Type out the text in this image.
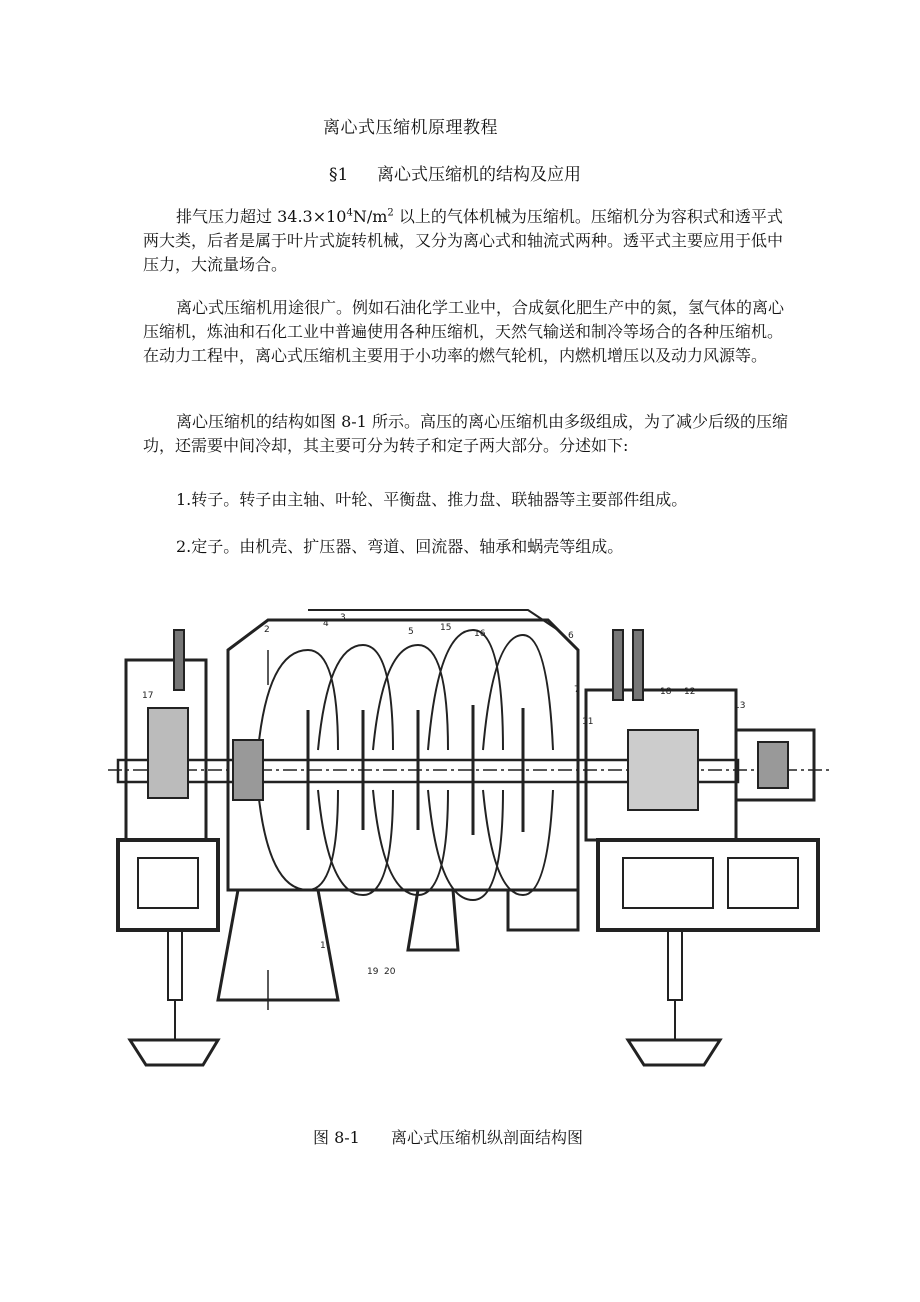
离心式压缩机原理教程
§1 离心式压缩机的结构及应用

排气压力超过 $34.3\times 10^4N/m^2$ 以上的气体机械为压缩机。压缩机分为容积式和透平式两大类，后者是属于叶片式旋转机械，又分为离心式和轴流式两种。透平式主要应用于低中压力，大流量场合。

离心式压缩机用途很广。例如石油化学工业中，合成氨化肥生产中的氮，氢气体的离心压缩机，炼油和石化工业中普遍使用各种压缩机，天然气输送和制冷等场合的各种压缩机。在动力工程中，离心式压缩机主要用于小功率的燃气轮机，内燃机增压以及动力风源等。

离心压缩机的结构如图 8-1 所示。高压的离心压缩机由多级组成，为了减少后级的压缩功，还需要中间冷却，其主要可分为转子和定子两大部分。分述如下:

1.转子。转子由主轴、叶轮、平衡盘、推力盘、联轴器等主要部件组成。
2.定子。由机壳、扩压器、弯道、回流器、轴承和蜗壳等组成。
17
2
4
3
5	15
16	6
7
11
18 12
13
1
19 20
图 8-1 离心式压缩机纵剖面结构图
